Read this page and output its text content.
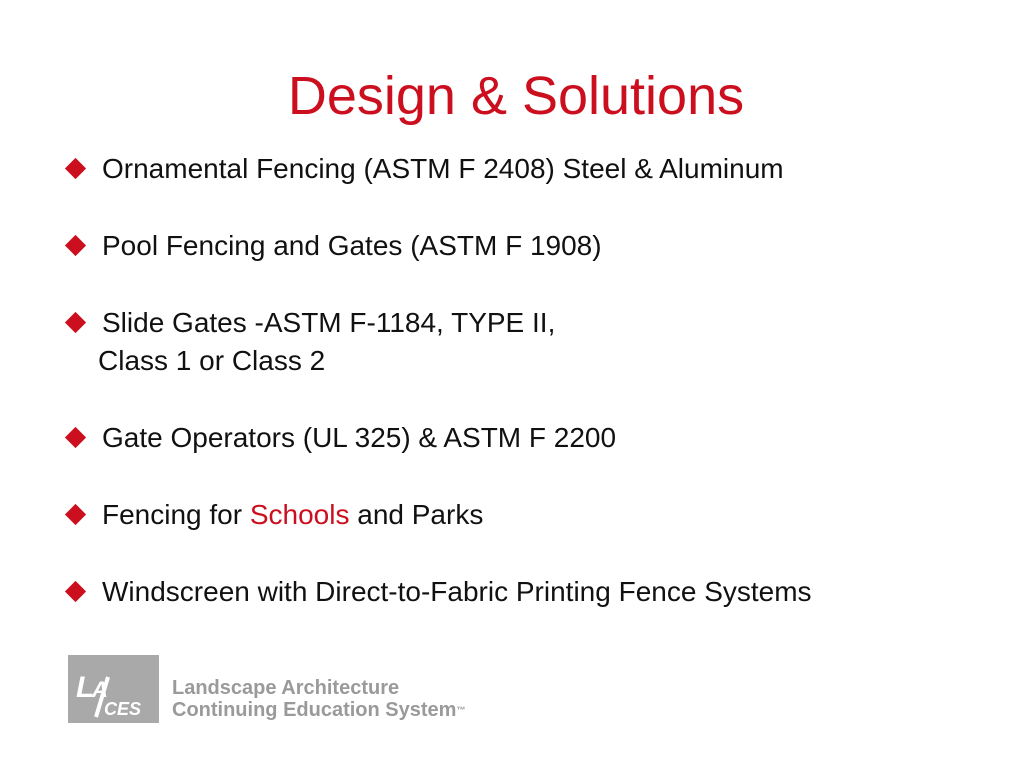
Design & Solutions
Ornamental Fencing (ASTM F 2408) Steel & Aluminum
Pool Fencing and Gates (ASTM F 1908)
Slide Gates -ASTM F-1184, TYPE II,
Class 1 or Class 2
Gate Operators (UL 325) & ASTM F 2200
Fencing for Schools and Parks
Windscreen with Direct-to-Fabric Printing Fence Systems
L
A
CES
Landscape Architecture
Continuing Education System™
